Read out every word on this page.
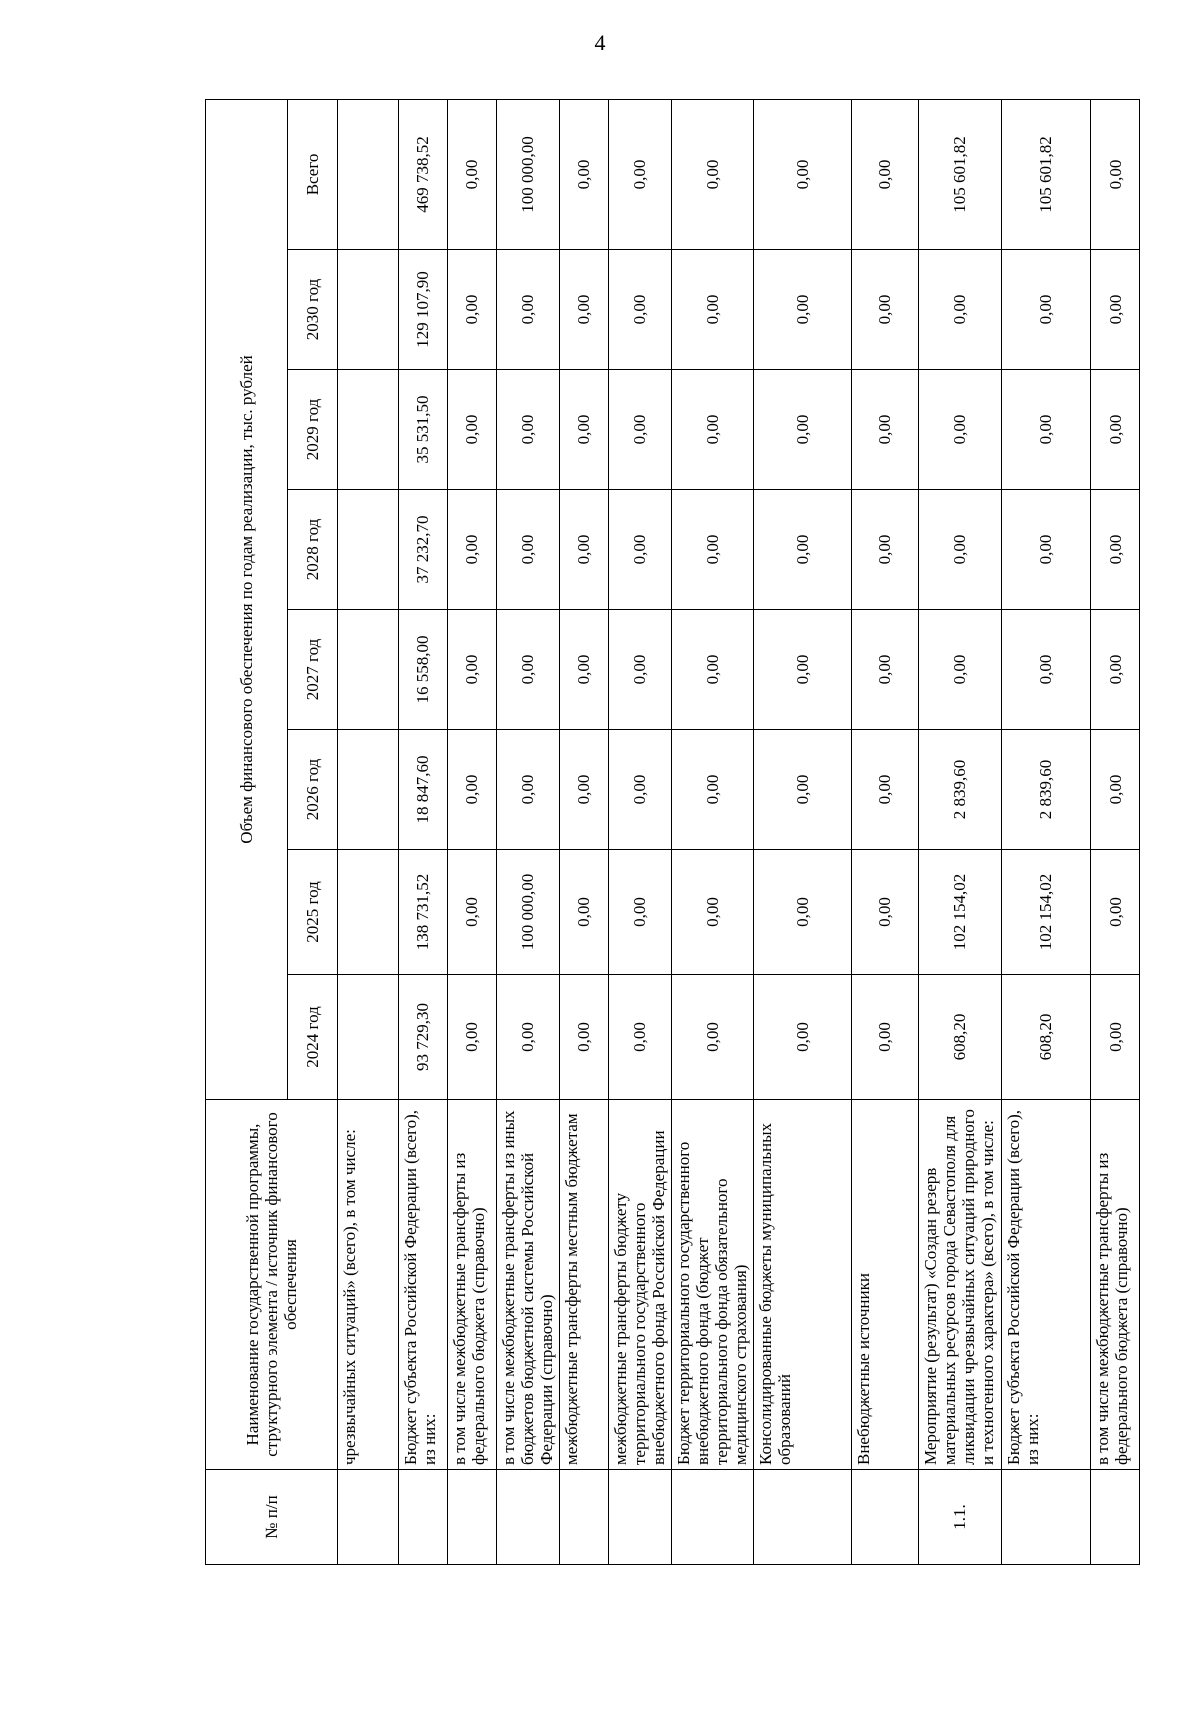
4
№ п/п	Наименование государственной программы, структурного элемента / источник финансового обеспечения	Объем финансового обеспечения по годам реализации, тыс. рублей							
		2024 год	2025 год	2026 год	2027 год	2028 год	2029 год	2030 год	Всего
	чрезвычайных ситуаций» (всего), в том числе:								
	Бюджет субъекта Российской Федерации (всего), из них:	93 729,30	138 731,52	18 847,60	16 558,00	37 232,70	35 531,50	129 107,90	469 738,52
	в том числе межбюджетные трансферты из федерального бюджета (справочно)	0,00	0,00	0,00	0,00	0,00	0,00	0,00	0,00
	в том числе межбюджетные трансферты из иных бюджетов бюджетной системы Российской Федерации (справочно)	0,00	100 000,00	0,00	0,00	0,00	0,00	0,00	100 000,00
	межбюджетные трансферты местным бюджетам	0,00	0,00	0,00	0,00	0,00	0,00	0,00	0,00
	межбюджетные трансферты бюджету территориального государственного внебюджетного фонда Российской Федерации	0,00	0,00	0,00	0,00	0,00	0,00	0,00	0,00
	Бюджет территориального государственного внебюджетного фонда (бюджет территориального фонда обязательного медицинского страхования)	0,00	0,00	0,00	0,00	0,00	0,00	0,00	0,00
	Консолидированные бюджеты муниципальных образований	0,00	0,00	0,00	0,00	0,00	0,00	0,00	0,00
	Внебюджетные источники	0,00	0,00	0,00	0,00	0,00	0,00	0,00	0,00
1.1.	Мероприятие (результат) «Создан резерв материальных ресурсов города Севастополя для ликвидации чрезвычайных ситуаций природного и техногенного характера» (всего), в том числе:	608,20	102 154,02	2 839,60	0,00	0,00	0,00	0,00	105 601,82
	Бюджет субъекта Российской Федерации (всего), из них:	608,20	102 154,02	2 839,60	0,00	0,00	0,00	0,00	105 601,82
	в том числе межбюджетные трансферты из федерального бюджета (справочно)	0,00	0,00	0,00	0,00	0,00	0,00	0,00	0,00
